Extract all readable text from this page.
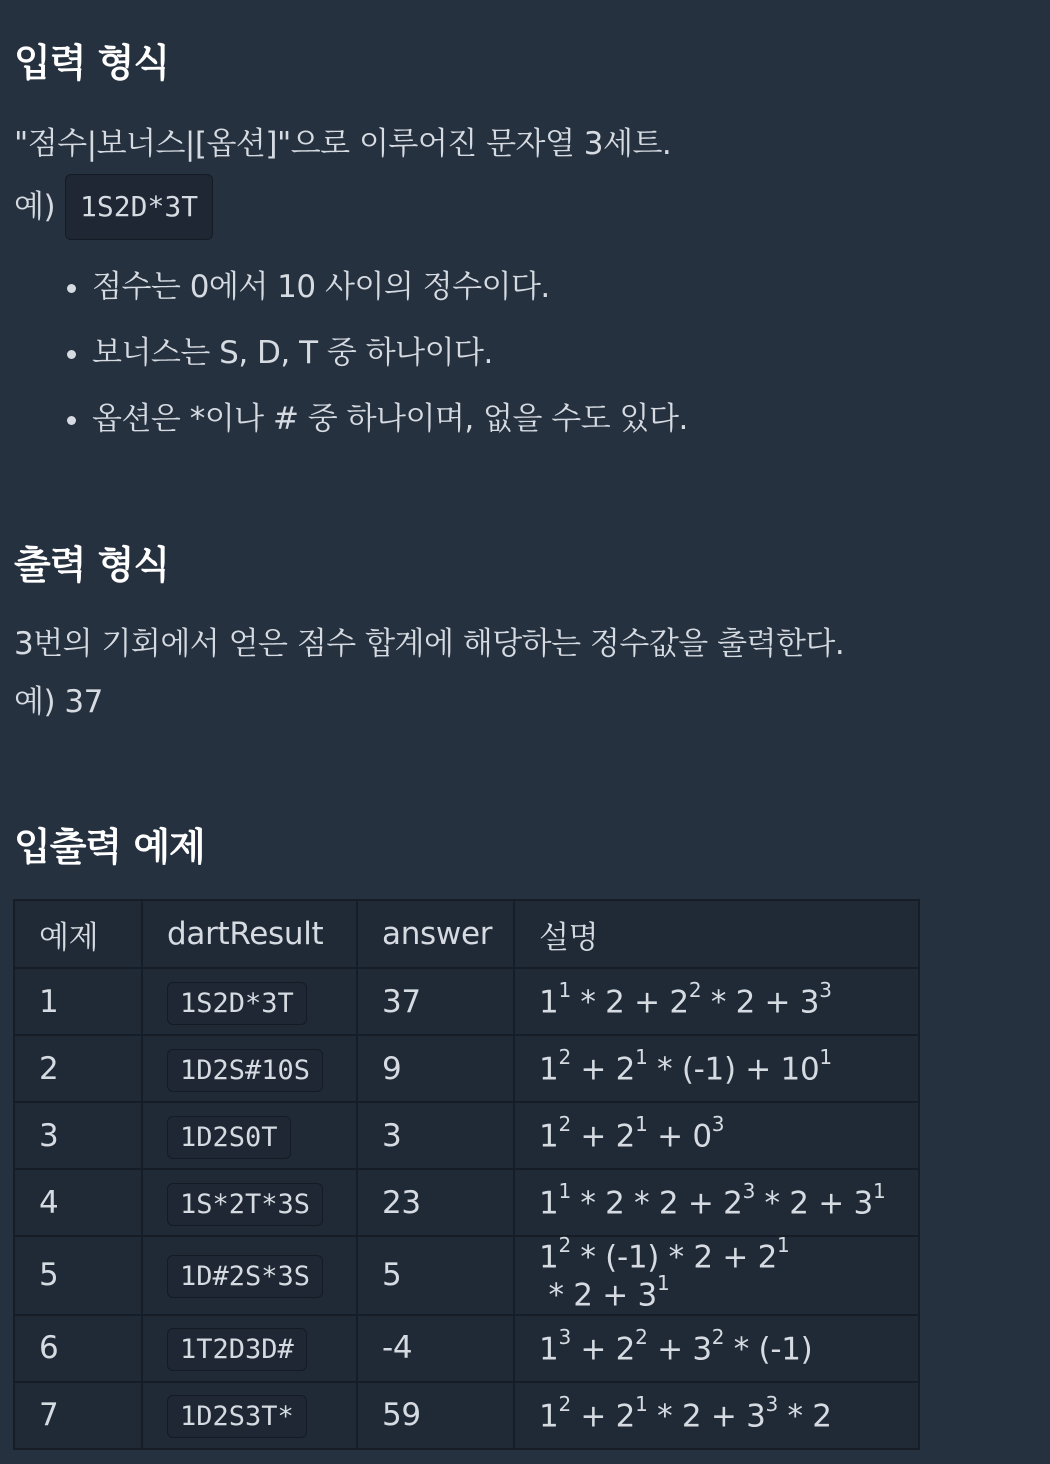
입력 형식

"점수|보너스|[옵션]"으로 이루어진 문자열 3세트.

예) 1S2D*3T

• 점수는 0에서 10 사이의 정수이다.
• 보너스는 S, D, T 중 하나이다.
• 옵션은 *이나 # 중 하나이며, 없을 수도 있다.
출력 형식

3번의 기회에서 얻은 점수 합계에 해당하는 정수값을 출력한다.

예) 37

입출력 예제
예제	dartResult	answer	설명
1	1S2D*3T	37	$1^1 * 2 + 2^2 * 2 + 3^3$
2	1D2S#10S	9	$1^2 + 2^1 * (-1) + 10^1$
3	1D2S0T	3	$1^2 + 2^1 + 0^3$
4	1S*2T*3S	23	$1^1 * 2 * 2 + 2^3 * 2 + 3^1$
5	1D#2S*3S	5	$1^2 * (-1) * 2 + 2^1 * 2 + 3^1$
6	1T2D3D#	-4	$1^3 + 2^2 + 3^2 * (-1)$
7	1D2S3T*	59	$1^2 + 2^1 * 2 + 3^3 * 2$
